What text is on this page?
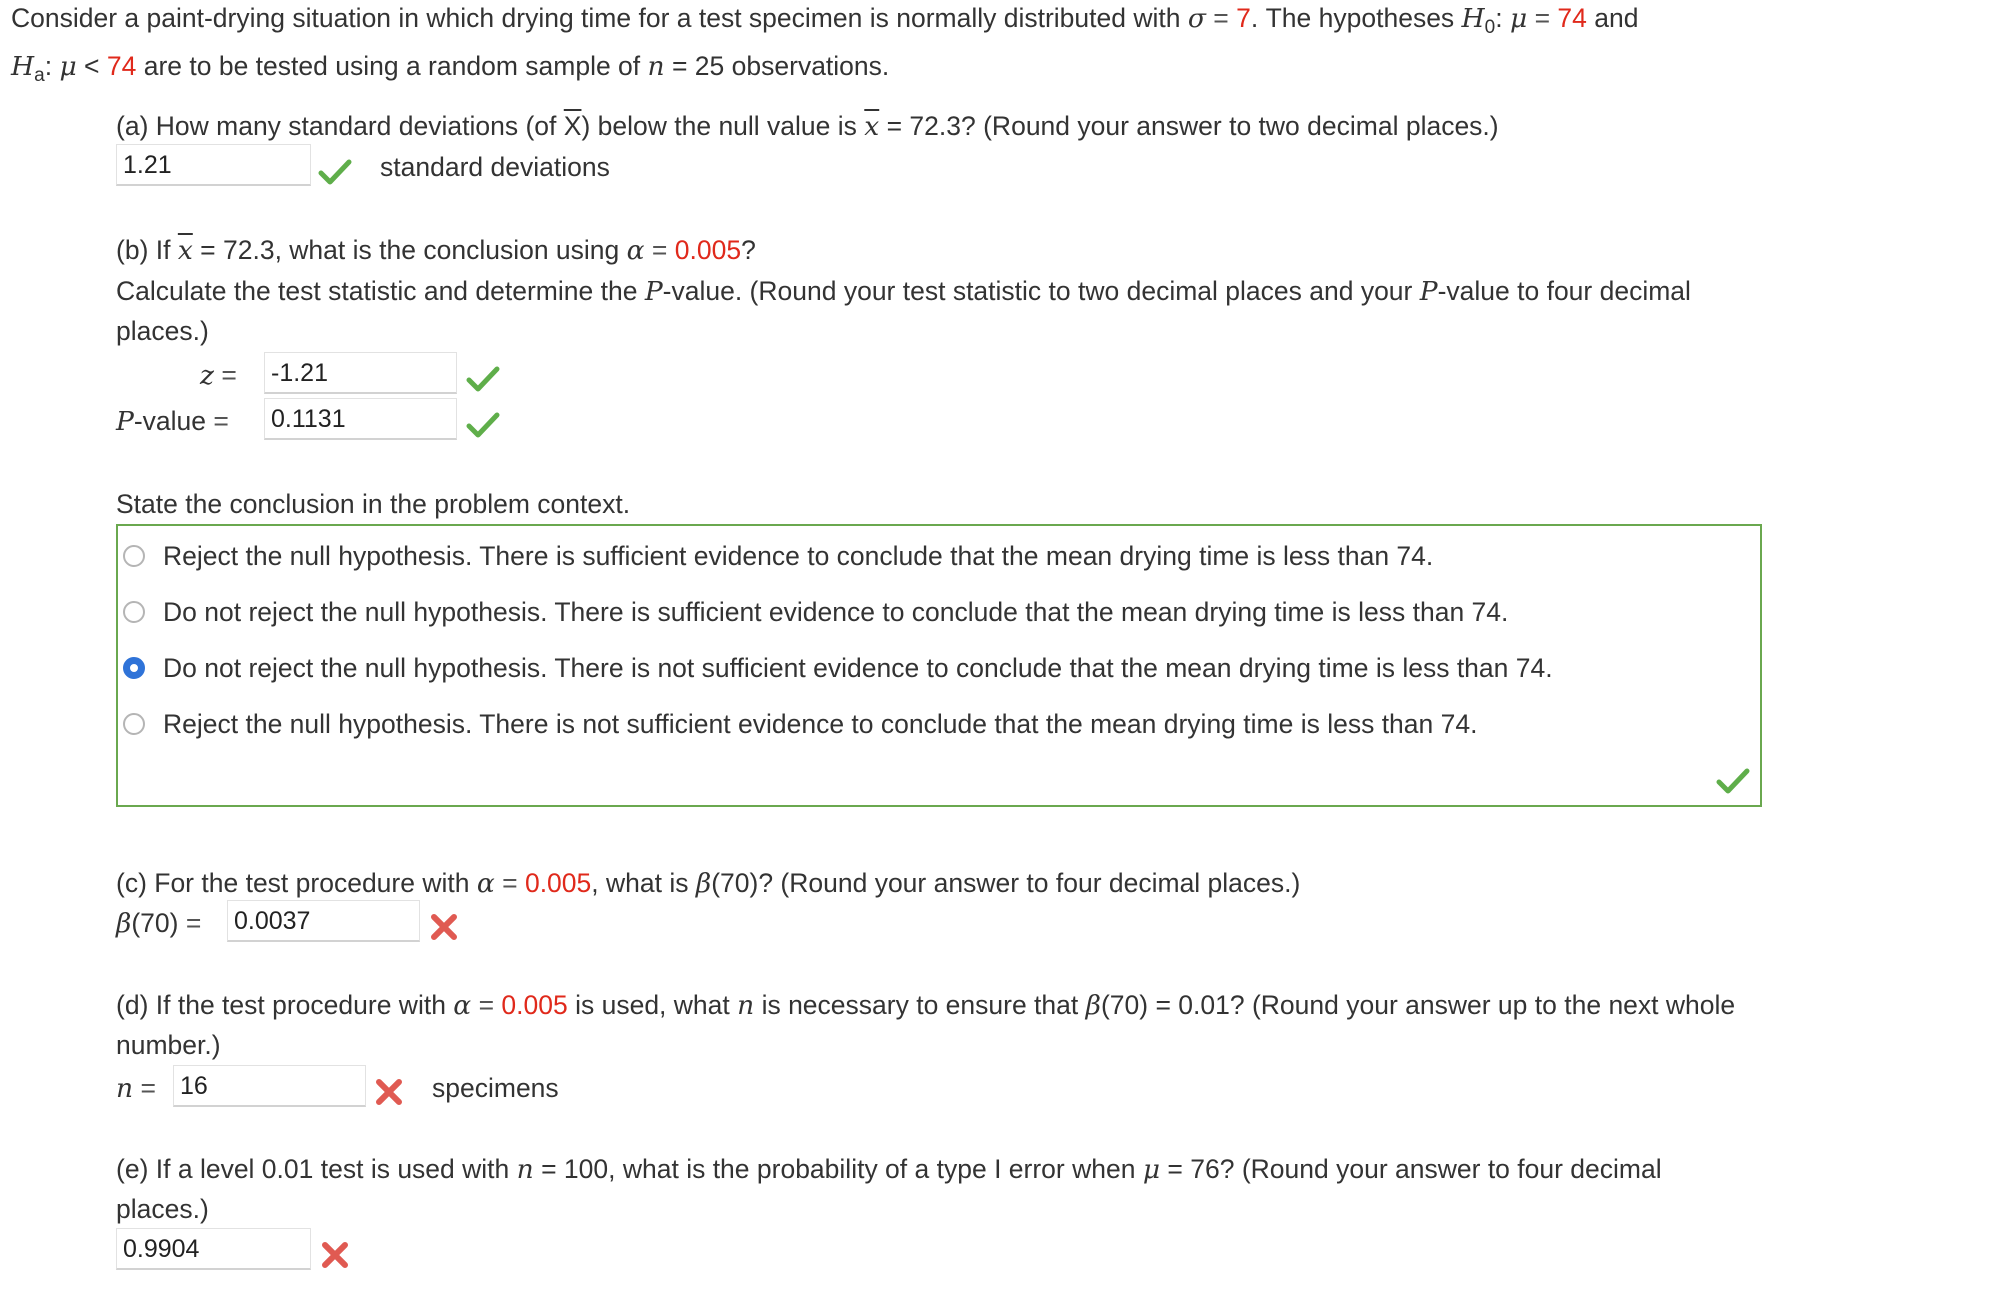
Consider a paint-drying situation in which drying time for a test specimen is normally distributed with σ = 7. The hypotheses $H_0$: μ = 74 and
$H_a$: μ < 74 are to be tested using a random sample of n = 25 observations.
(a) How many standard deviations (of $\overline{X}$) below the null value is $\overline{x} = 72.3$? (Round your answer to two decimal places.)
1.21	standard deviations
(b) If $\overline{x} = 72.3$, what is the conclusion using α = 0.005?
Calculate the test statistic and determine the P-value. (Round your test statistic to two decimal places and your P-value to four decimal
places.)
z = -1.21
P-value = 0.1131
State the conclusion in the problem context.
Reject the null hypothesis. There is sufficient evidence to conclude that the mean drying time is less than 74.
Do not reject the null hypothesis. There is sufficient evidence to conclude that the mean drying time is less than 74.
Do not reject the null hypothesis. There is not sufficient evidence to conclude that the mean drying time is less than 74.
Reject the null hypothesis. There is not sufficient evidence to conclude that the mean drying time is less than 74.
(c) For the test procedure with α = 0.005, what is β(70)? (Round your answer to four decimal places.)
β(70) = 0.0037
(d) If the test procedure with α = 0.005 is used, what n is necessary to ensure that β(70) = 0.01? (Round your answer up to the next whole
number.)
n = 16	specimens
(e) If a level 0.01 test is used with n = 100, what is the probability of a type I error when μ = 76? (Round your answer to four decimal
places.)
0.9904
